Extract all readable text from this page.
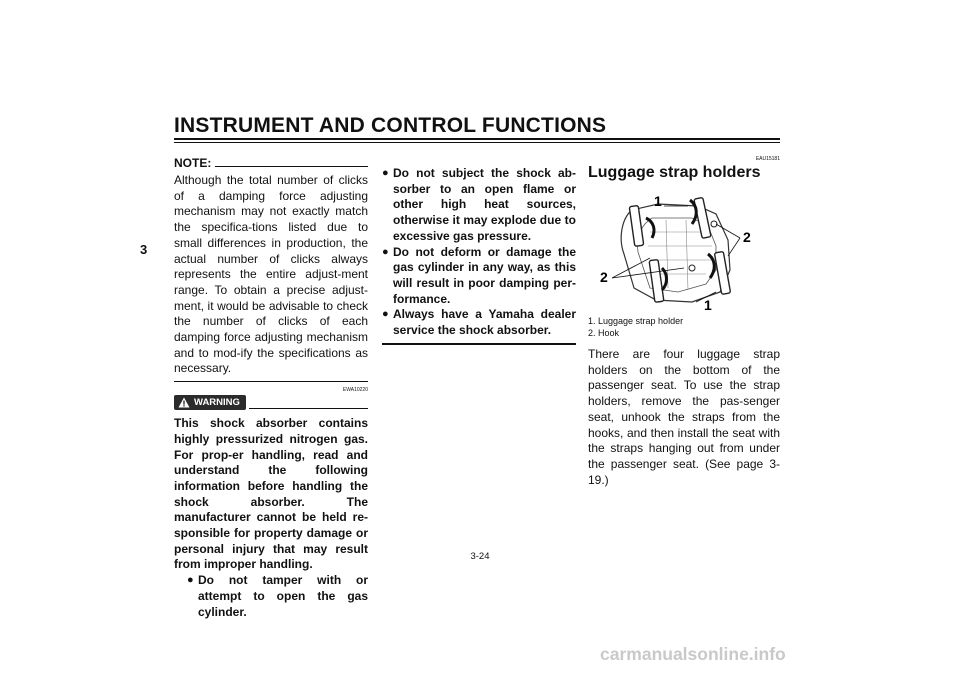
INSTRUMENT AND CONTROL FUNCTIONS
3
NOTE:
Although the total number of clicks of a damping force adjusting mechanism may not exactly match the specifica-tions listed due to small differences in production, the actual number of clicks always represents the entire adjust-ment range. To obtain a precise adjust-ment, it would be advisable to check the number of clicks of each damping force adjusting mechanism and to mod-ify the specifications as necessary.
EWA10220
WARNING
This shock absorber contains highly pressurized nitrogen gas. For prop-er handling, read and understand the following information before handling the shock absorber. The manufacturer cannot be held re-sponsible for property damage or personal injury that may result from improper handling.
● Do not tamper with or attempt to open the gas cylinder.
● Do not subject the shock ab-sorber to an open flame or other high heat sources, otherwise it may explode due to excessive gas pressure.
● Do not deform or damage the gas cylinder in any way, as this will result in poor damping per-formance.
● Always have a Yamaha dealer service the shock absorber.
EAU15181
Luggage strap holders
1
2
2
1
1. Luggage strap holder
2. Hook
There are four luggage strap holders on the bottom of the passenger seat. To use the strap holders, remove the pas-senger seat, unhook the straps from the hooks, and then install the seat with the straps hanging out from under the passenger seat. (See page 3-19.)
3-24
carmanualsonline.info
